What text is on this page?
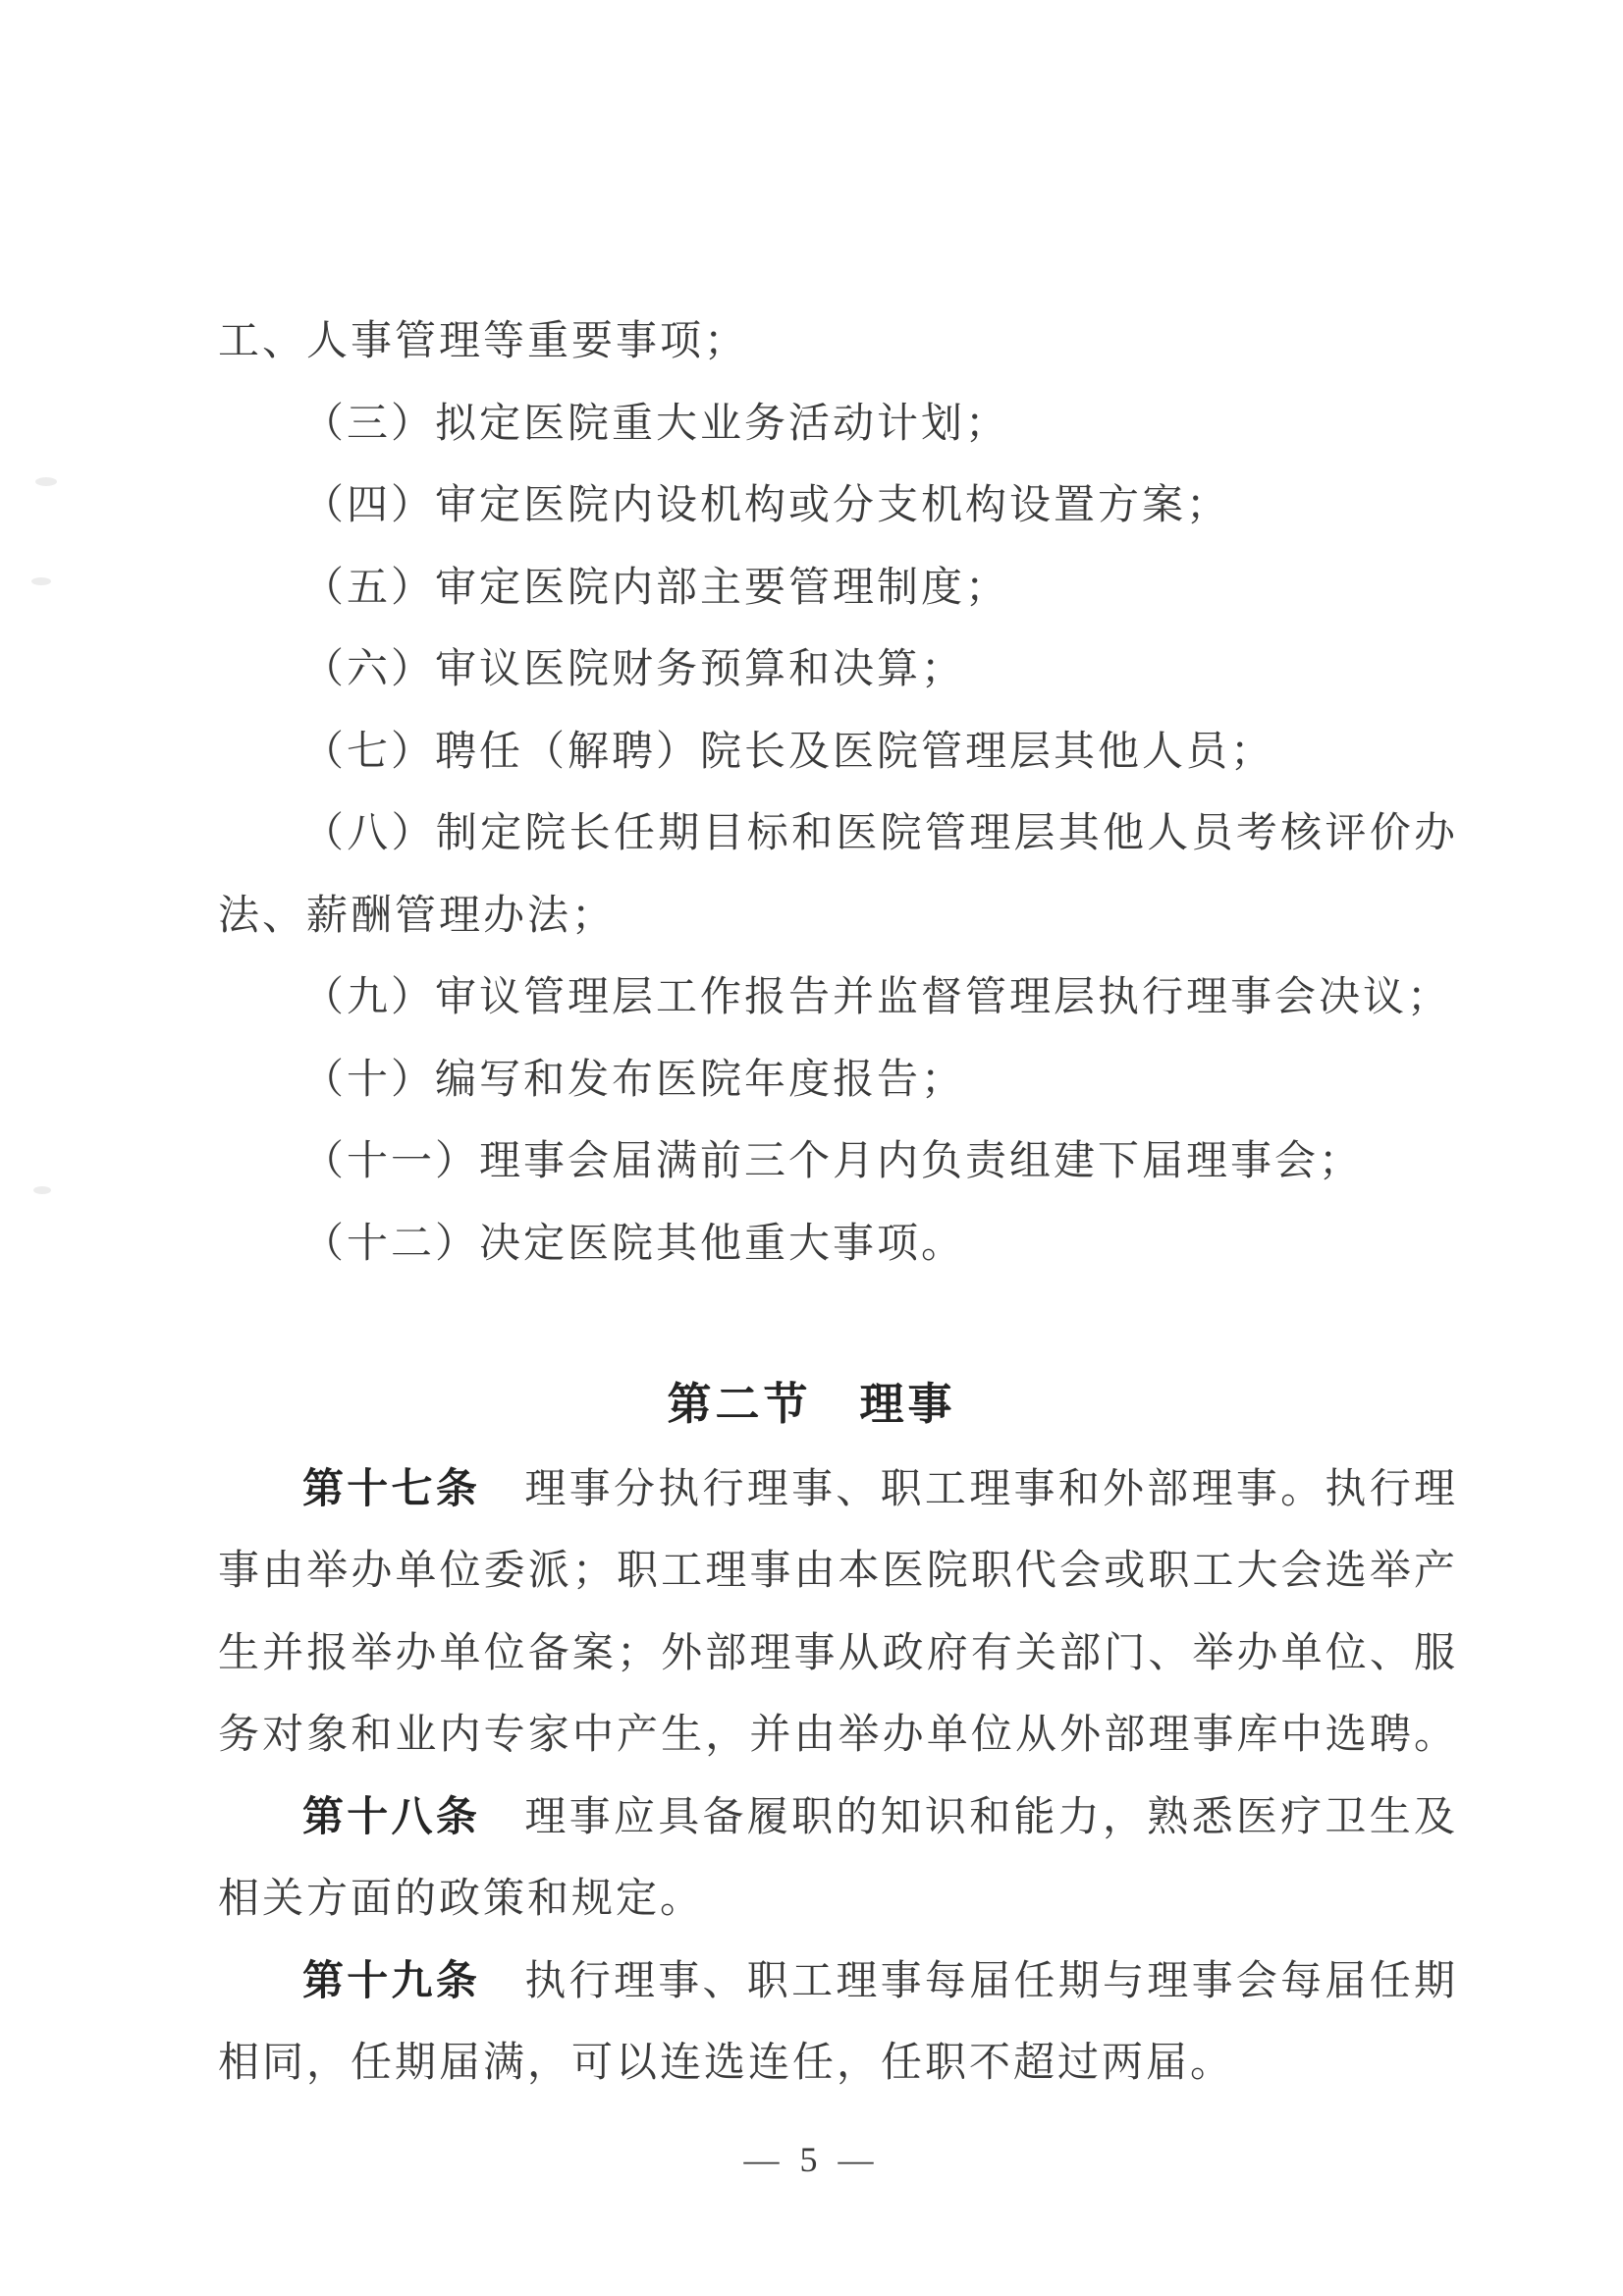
第二节　理事
工、人事管理等重要事项；
（三）拟定医院重大业务活动计划；
（四）审定医院内设机构或分支机构设置方案；
（五）审定医院内部主要管理制度；
（六）审议医院财务预算和决算；
（七）聘任（解聘）院长及医院管理层其他人员；
（八）制定院长任期目标和医院管理层其他人员考核评价办
法、薪酬管理办法；
（九）审议管理层工作报告并监督管理层执行理事会决议；
（十）编写和发布医院年度报告；
（十一）理事会届满前三个月内负责组建下届理事会；
（十二）决定医院其他重大事项。
第十七条　理事分执行理事、职工理事和外部理事。执行理
事由举办单位委派；职工理事由本医院职代会或职工大会选举产
生并报举办单位备案；外部理事从政府有关部门、举办单位、服
务对象和业内专家中产生，并由举办单位从外部理事库中选聘。
第十八条　理事应具备履职的知识和能力，熟悉医疗卫生及
相关方面的政策和规定。
第十九条　执行理事、职工理事每届任期与理事会每届任期
相同，任期届满，可以连选连任，任职不超过两届。
— 5 —
